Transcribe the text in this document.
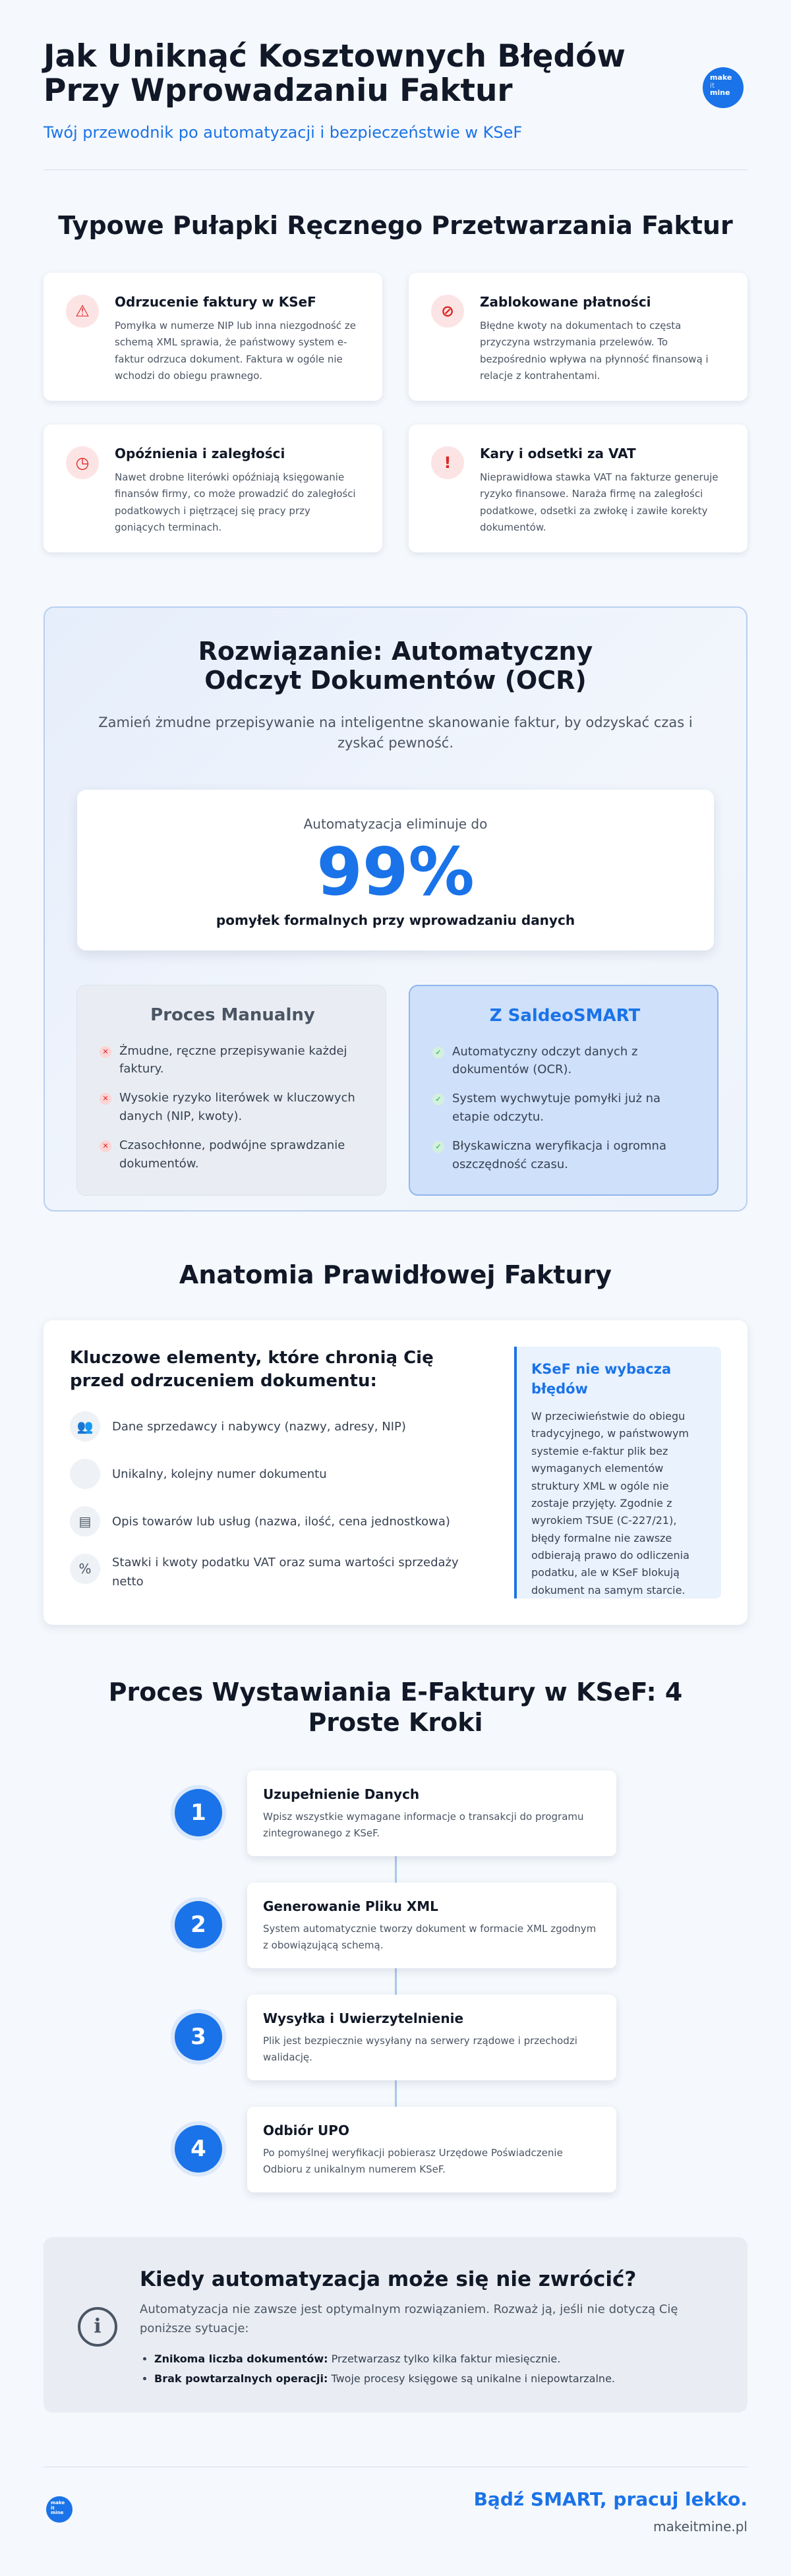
Jak Uniknąć Kosztownych Błędów Przy Wprowadzaniu Faktur
Twój przewodnik po automatyzacji i bezpieczeństwie w KSeF
make
it
mine
Typowe Pułapki Ręcznego Przetwarzania Faktur
⚠	Odrzucenie faktury w KSeF

Pomyłka w numerze NIP lub inna niezgodność ze schemą XML sprawia, że państwowy system e-faktur odrzuca dokument. Faktura w ogóle nie wchodzi do obiegu prawnego.

⊘	Zablokowane płatności

Błędne kwoty na dokumentach to częsta przyczyna wstrzymania przelewów. To bezpośrednio wpływa na płynność finansową i relacje z kontrahentami.

◷	Opóźnienia i zaległości

Nawet drobne literówki opóźniają księgowanie finansów firmy, co może prowadzić do zaległości podatkowych i piętrzącej się pracy przy goniących terminach.

!	Kary i odsetki za VAT

Nieprawidłowa stawka VAT na fakturze generuje ryzyko finansowe. Naraża firmę na zaległości podatkowe, odsetki za zwłokę i zawiłe korekty dokumentów.

Rozwiązanie: Automatyczny Odczyt Dokumentów (OCR)

Zamień żmudne przepisywanie na inteligentne skanowanie faktur, by odzyskać czas i zyskać pewność.

Automatyzacja eliminuje do
99%
pomyłek formalnych przy wprowadzaniu danych
Proces Manualny
✕ Żmudne, ręczne przepisywanie każdej faktury.
✕ Wysokie ryzyko literówek w kluczowych danych (NIP, kwoty).
✕ Czasochłonne, podwójne sprawdzanie dokumentów.
Z SaldeoSMART
✓ Automatyczny odczyt danych z dokumentów (OCR).
✓ System wychwytuje pomyłki już na etapie odczytu.
✓ Błyskawiczna weryfikacja i ogromna oszczędność czasu.
Anatomia Prawidłowej Faktury
Kluczowe elementy, które chronią Cię przed odrzuceniem dokumentu:
👥	Dane sprzedawcy i nabywcy (nazwy, adresy, NIP)
Unikalny, kolejny numer dokumentu
▤	Opis towarów lub usług (nazwa, ilość, cena jednostkowa)
%	Stawki i kwoty podatku VAT oraz suma wartości sprzedaży netto
KSeF nie wybacza błędów

W przeciwieństwie do obiegu tradycyjnego, w państwowym systemie e-faktur plik bez wymaganych elementów struktury XML w ogóle nie zostaje przyjęty. Zgodnie z wyrokiem TSUE (C-227/21), błędy formalne nie zawsze odbierają prawo do odliczenia podatku, ale w KSeF blokują dokument na samym starcie.

Proces Wystawiania E-Faktury w KSeF: 4 Proste Kroki
1
Uzupełnienie Danych

Wpisz wszystkie wymagane informacje o transakcji do programu zintegrowanego z KSeF.

2
Generowanie Pliku XML

System automatycznie tworzy dokument w formacie XML zgodnym z obowiązującą schemą.

3
Wysyłka i Uwierzytelnienie

Plik jest bezpiecznie wysyłany na serwery rządowe i przechodzi walidację.

4
Odbiór UPO

Po pomyślnej weryfikacji pobierasz Urzędowe Poświadczenie Odbioru z unikalnym numerem KSeF.

i
Kiedy automatyzacja może się nie zwrócić?

Automatyzacja nie zawsze jest optymalnym rozwiązaniem. Rozważ ją, jeśli nie dotyczą Cię poniższe sytuacje:

• Znikoma liczba dokumentów: Przetwarzasz tylko kilka faktur miesięcznie.
• Brak powtarzalnych operacji: Twoje procesy księgowe są unikalne i niepowtarzalne.
make
it
mine
Bądź SMART, pracuj lekko.
makeitmine.pl
